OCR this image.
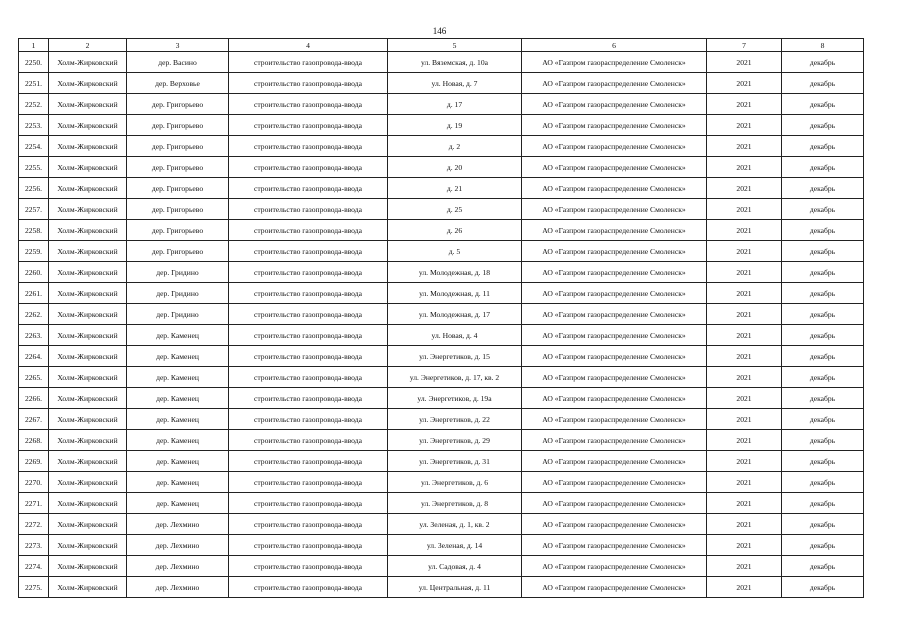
146
1	2	3	4	5	6	7	8
2250.	Холм-Жирковский	дер. Васино	строительство газопровода-ввода	ул. Вяземская, д. 10а	АО «Газпром газораспределение Смоленск»	2021	декабрь
2251.	Холм-Жирковский	дер. Верховье	строительство газопровода-ввода	ул. Новая, д. 7	АО «Газпром газораспределение Смоленск»	2021	декабрь
2252.	Холм-Жирковский	дер. Григорьево	строительство газопровода-ввода	д. 17	АО «Газпром газораспределение Смоленск»	2021	декабрь
2253.	Холм-Жирковский	дер. Григорьево	строительство газопровода-ввода	д. 19	АО «Газпром газораспределение Смоленск»	2021	декабрь
2254.	Холм-Жирковский	дер. Григорьево	строительство газопровода-ввода	д. 2	АО «Газпром газораспределение Смоленск»	2021	декабрь
2255.	Холм-Жирковский	дер. Григорьево	строительство газопровода-ввода	д. 20	АО «Газпром газораспределение Смоленск»	2021	декабрь
2256.	Холм-Жирковский	дер. Григорьево	строительство газопровода-ввода	д. 21	АО «Газпром газораспределение Смоленск»	2021	декабрь
2257.	Холм-Жирковский	дер. Григорьево	строительство газопровода-ввода	д. 25	АО «Газпром газораспределение Смоленск»	2021	декабрь
2258.	Холм-Жирковский	дер. Григорьево	строительство газопровода-ввода	д. 26	АО «Газпром газораспределение Смоленск»	2021	декабрь
2259.	Холм-Жирковский	дер. Григорьево	строительство газопровода-ввода	д. 5	АО «Газпром газораспределение Смоленск»	2021	декабрь
2260.	Холм-Жирковский	дер. Гридино	строительство газопровода-ввода	ул. Молодежная, д. 18	АО «Газпром газораспределение Смоленск»	2021	декабрь
2261.	Холм-Жирковский	дер. Гридино	строительство газопровода-ввода	ул. Молодежная, д. 11	АО «Газпром газораспределение Смоленск»	2021	декабрь
2262.	Холм-Жирковский	дер. Гридино	строительство газопровода-ввода	ул. Молодежная, д. 17	АО «Газпром газораспределение Смоленск»	2021	декабрь
2263.	Холм-Жирковский	дер. Каменец	строительство газопровода-ввода	ул. Новая, д. 4	АО «Газпром газораспределение Смоленск»	2021	декабрь
2264.	Холм-Жирковский	дер. Каменец	строительство газопровода-ввода	ул. Энергетиков, д. 15	АО «Газпром газораспределение Смоленск»	2021	декабрь
2265.	Холм-Жирковский	дер. Каменец	строительство газопровода-ввода	ул. Энергетиков, д. 17, кв. 2	АО «Газпром газораспределение Смоленск»	2021	декабрь
2266.	Холм-Жирковский	дер. Каменец	строительство газопровода-ввода	ул. Энергетиков, д. 19а	АО «Газпром газораспределение Смоленск»	2021	декабрь
2267.	Холм-Жирковский	дер. Каменец	строительство газопровода-ввода	ул. Энергетиков, д. 22	АО «Газпром газораспределение Смоленск»	2021	декабрь
2268.	Холм-Жирковский	дер. Каменец	строительство газопровода-ввода	ул. Энергетиков, д. 29	АО «Газпром газораспределение Смоленск»	2021	декабрь
2269.	Холм-Жирковский	дер. Каменец	строительство газопровода-ввода	ул. Энергетиков, д. 31	АО «Газпром газораспределение Смоленск»	2021	декабрь
2270.	Холм-Жирковский	дер. Каменец	строительство газопровода-ввода	ул. Энергетиков, д. 6	АО «Газпром газораспределение Смоленск»	2021	декабрь
2271.	Холм-Жирковский	дер. Каменец	строительство газопровода-ввода	ул. Энергетиков, д. 8	АО «Газпром газораспределение Смоленск»	2021	декабрь
2272.	Холм-Жирковский	дер. Лехмино	строительство газопровода-ввода	ул. Зеленая, д. 1, кв. 2	АО «Газпром газораспределение Смоленск»	2021	декабрь
2273.	Холм-Жирковский	дер. Лехмино	строительство газопровода-ввода	ул. Зеленая, д. 14	АО «Газпром газораспределение Смоленск»	2021	декабрь
2274.	Холм-Жирковский	дер. Лехмино	строительство газопровода-ввода	ул. Садовая, д. 4	АО «Газпром газораспределение Смоленск»	2021	декабрь
2275.	Холм-Жирковский	дер. Лехмино	строительство газопровода-ввода	ул. Центральная, д. 11	АО «Газпром газораспределение Смоленск»	2021	декабрь
